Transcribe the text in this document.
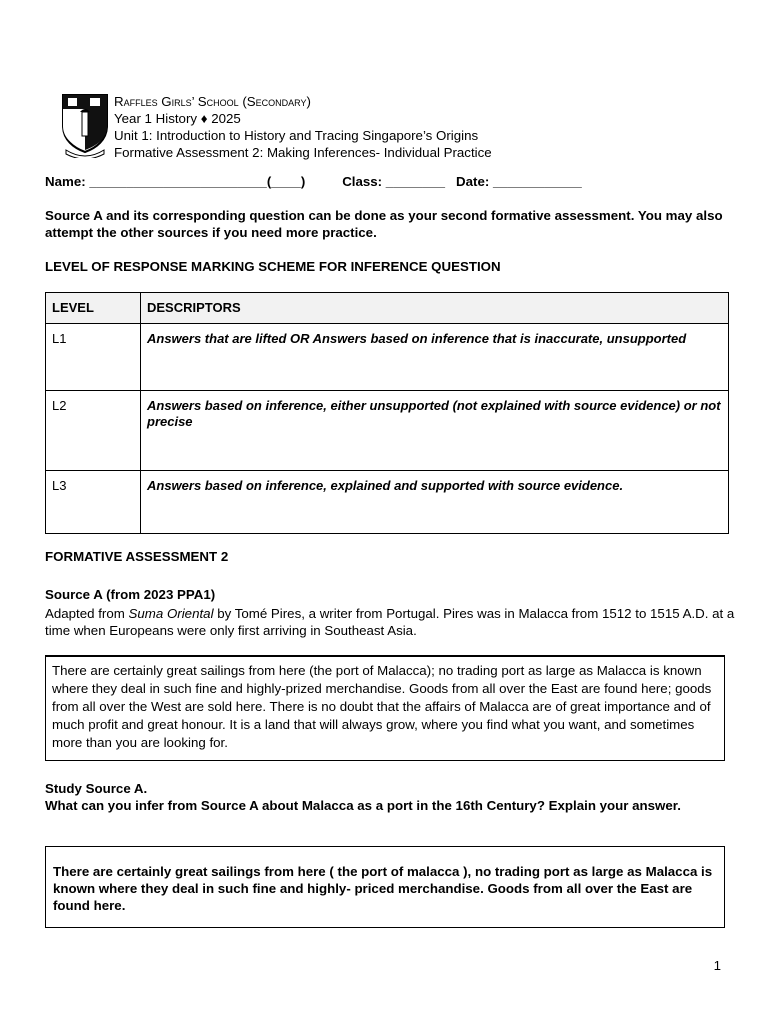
Raffles Girls’ School (Secondary)
Year 1 History ♦ 2025
Unit 1: Introduction to History and Tracing Singapore’s Origins
Formative Assessment 2: Making Inferences- Individual Practice
Name: ________________________(____)          Class: ________   Date: ____________
Source A and its corresponding question can be done as your second formative assessment. You may also attempt the other sources if you need more practice.
LEVEL OF RESPONSE MARKING SCHEME FOR INFERENCE QUESTION
LEVEL	DESCRIPTORS
L1	Answers that are lifted OR Answers based on inference that is inaccurate, unsupported
L2	Answers based on inference, either unsupported (not explained with source evidence) or not precise
L3	Answers based on inference, explained and supported with source evidence.
FORMATIVE ASSESSMENT 2
Source A (from 2023 PPA1)
Adapted from Suma Oriental by Tomé Pires, a writer from Portugal. Pires was in Malacca from 1512 to 1515 A.D. at a time when Europeans were only first arriving in Southeast Asia.
There are certainly great sailings from here (the port of Malacca); no trading port as large as Malacca is known where they deal in such fine and highly-prized merchandise. Goods from all over the East are found here; goods from all over the West are sold here. There is no doubt that the affairs of Malacca are of great importance and of much profit and great honour. It is a land that will always grow, where you find what you want, and sometimes more than you are looking for.
Study Source A.
What can you infer from Source A about Malacca as a port in the 16th Century? Explain your answer.
There are certainly great sailings from here ( the port of malacca ), no trading port as large as Malacca is known where they deal in such fine and highly- priced merchandise. Goods from all over the East are found here.
1
